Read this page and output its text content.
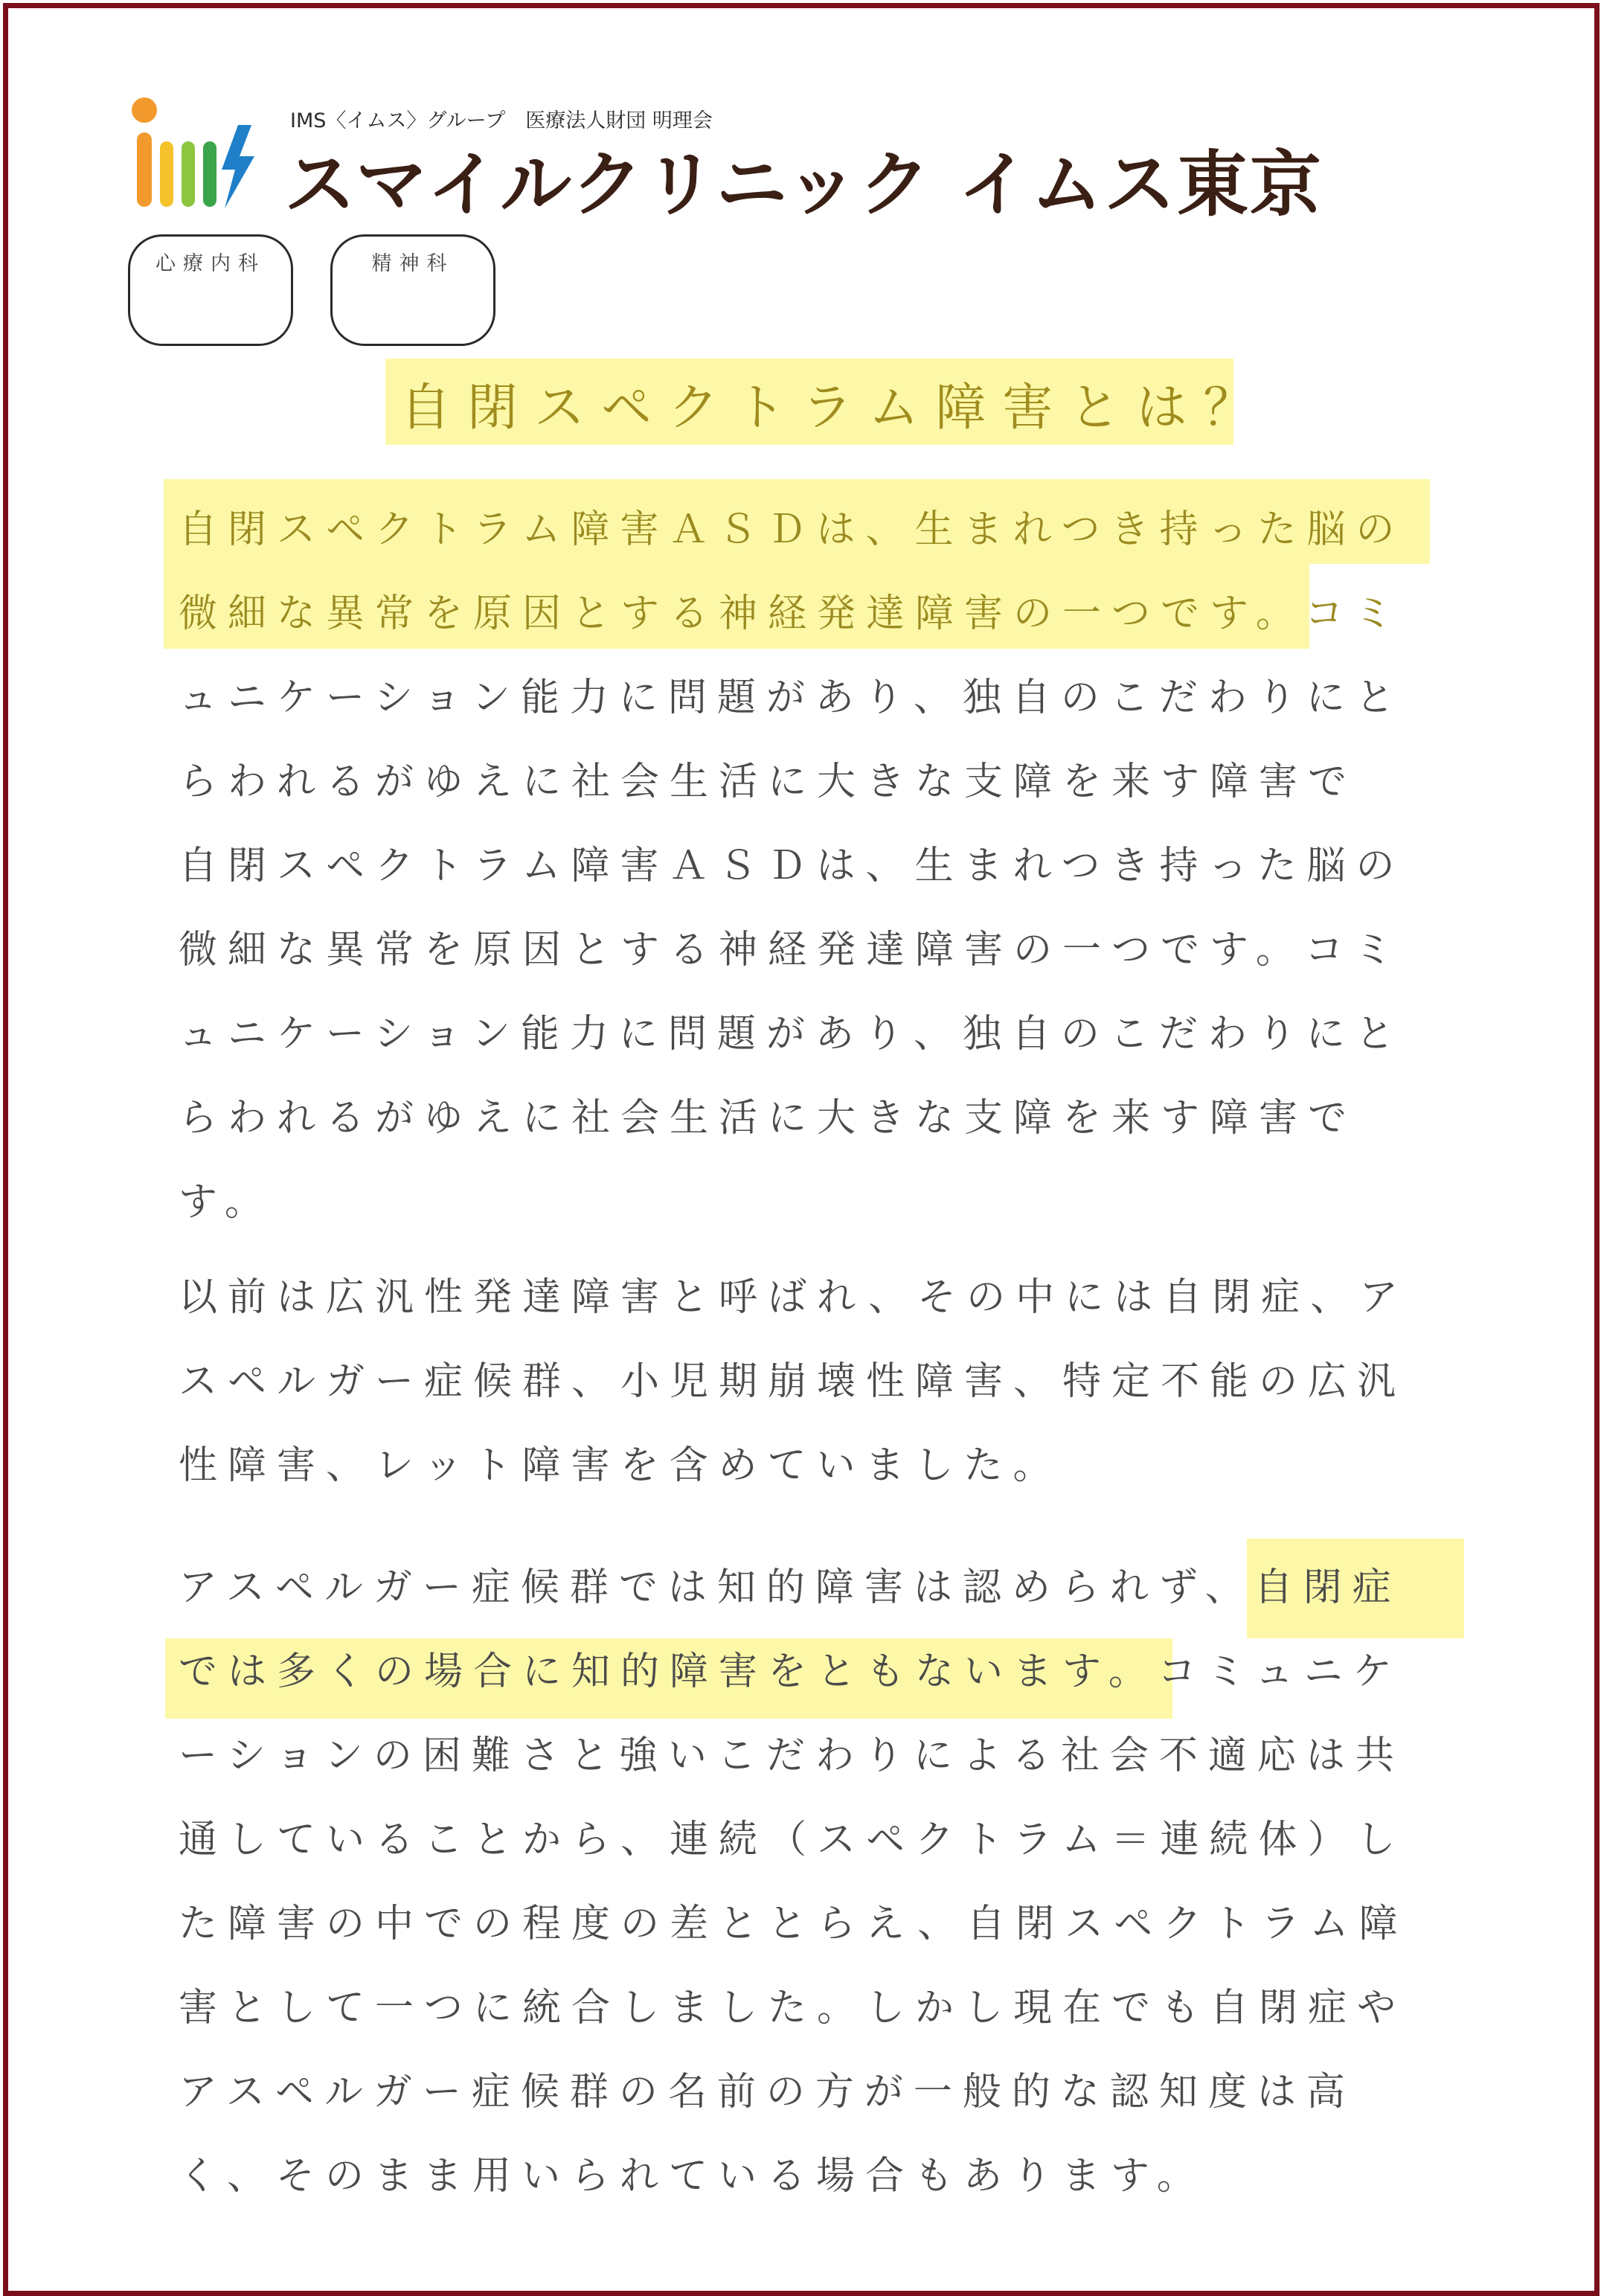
IMS〈イムス〉グループ　医療法人財団 明理会
スマイルクリニック イムス東京
心療内科	精神科
自閉スペクトラム障害とは？
自閉スペクトラム障害ＡＳＤは、生まれつき持った脳の
微細な異常を原因とする神経発達障害の一つです。コミ
ュニケーション能力に問題があり、独自のこだわりにと
らわれるがゆえに社会生活に大きな支障を来す障害で
自閉スペクトラム障害ＡＳＤは、生まれつき持った脳の
微細な異常を原因とする神経発達障害の一つです。コミ
ュニケーション能力に問題があり、独自のこだわりにと
らわれるがゆえに社会生活に大きな支障を来す障害で
す。
以前は広汎性発達障害と呼ばれ、その中には自閉症、ア
スペルガー症候群、小児期崩壊性障害、特定不能の広汎
性障害、レット障害を含めていました。
アスペルガー症候群では知的障害は認められず、自閉症
では多くの場合に知的障害をともないます。コミュニケ
ーションの困難さと強いこだわりによる社会不適応は共
通していることから、連続（スペクトラム＝連続体）し
た障害の中での程度の差ととらえ、自閉スペクトラム障
害として一つに統合しました。しかし現在でも自閉症や
アスペルガー症候群の名前の方が一般的な認知度は高
く、そのまま用いられている場合もあります。
